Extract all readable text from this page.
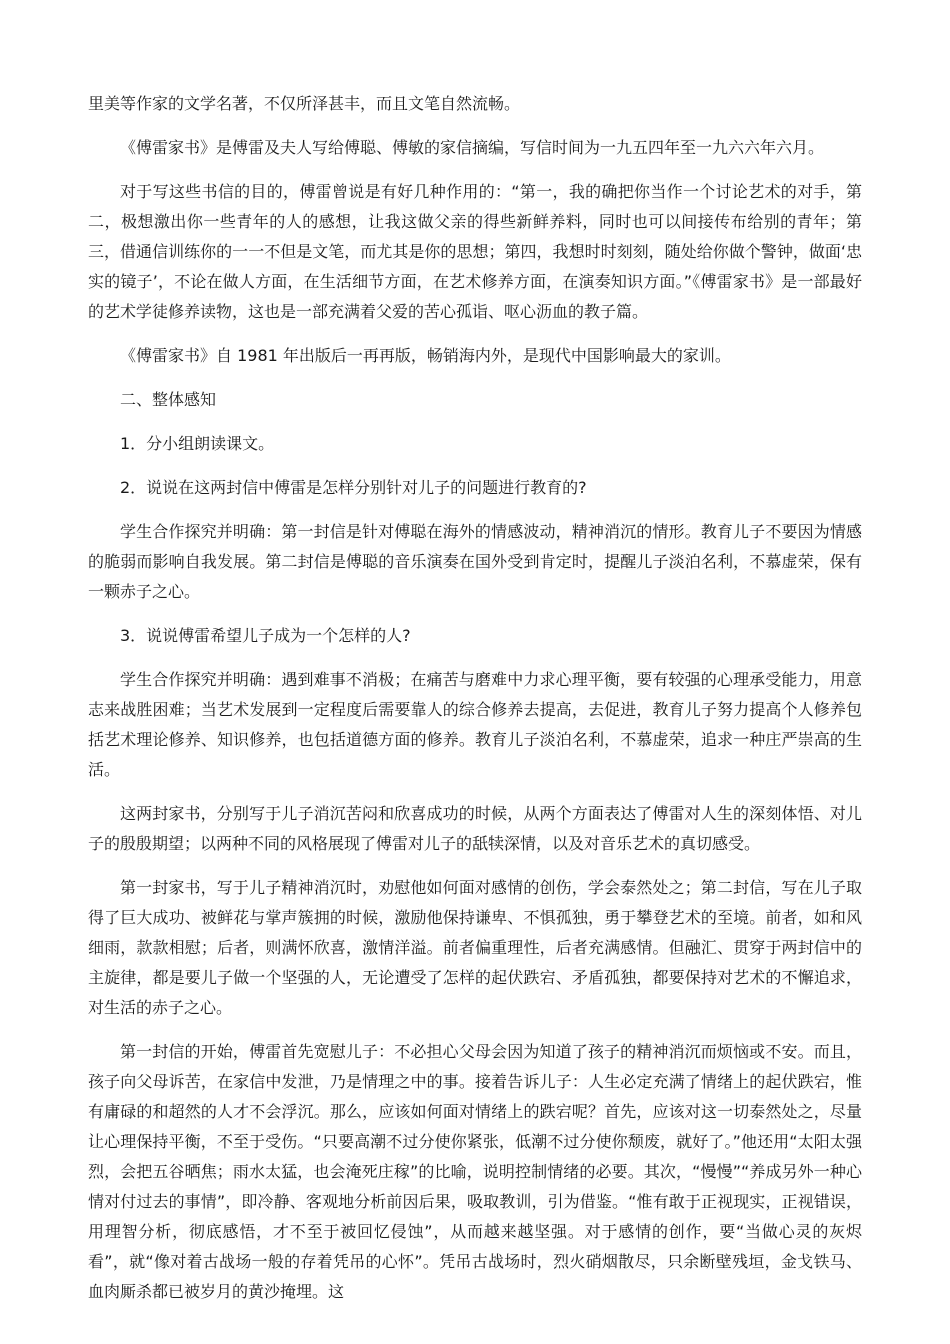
里美等作家的文学名著，不仅所泽甚丰，而且文笔自然流畅。

《傅雷家书》是傅雷及夫人写给傅聪、傅敏的家信摘编，写信时间为一九五四年至一九六六年六月。

对于写这些书信的目的，傅雷曾说是有好几种作用的：“第一，我的确把你当作一个讨论艺术的对手，第二，极想激出你一些青年的人的感想，让我这做父亲的得些新鲜养料，同时也可以间接传布给别的青年；第三，借通信训练你的一一不但是文笔，而尤其是你的思想；第四，我想时时刻刻，随处给你做个警钟，做面‘忠实的镜子’，不论在做人方面，在生活细节方面，在艺术修养方面，在演奏知识方面。”《傅雷家书》是一部最好的艺术学徒修养读物，这也是一部充满着父爱的苦心孤诣、呕心沥血的教子篇。

《傅雷家书》自 1981 年出版后一再再版，畅销海内外，是现代中国影响最大的家训。

二、整体感知

1．分小组朗读课文。

2．说说在这两封信中傅雷是怎样分别针对儿子的问题进行教育的?

学生合作探究并明确：第一封信是针对傅聪在海外的情感波动，精神消沉的情形。教育儿子不要因为情感的脆弱而影响自我发展。第二封信是傅聪的音乐演奏在国外受到肯定时，提醒儿子淡泊名利，不慕虚荣，保有一颗赤子之心。

3．说说傅雷希望儿子成为一个怎样的人?

学生合作探究并明确：遇到难事不消极；在痛苦与磨难中力求心理平衡，要有较强的心理承受能力，用意志来战胜困难；当艺术发展到一定程度后需要靠人的综合修养去提高，去促进，教育儿子努力提高个人修养包括艺术理论修养、知识修养，也包括道德方面的修养。教育儿子淡泊名利，不慕虚荣，追求一种庄严崇高的生活。

这两封家书，分别写于儿子消沉苦闷和欣喜成功的时候，从两个方面表达了傅雷对人生的深刻体悟、对儿子的殷殷期望；以两种不同的风格展现了傅雷对儿子的舐犊深情，以及对音乐艺术的真切感受。

第一封家书，写于儿子精神消沉时，劝慰他如何面对感情的创伤，学会泰然处之；第二封信，写在儿子取得了巨大成功、被鲜花与掌声簇拥的时候，激励他保持谦卑、不惧孤独，勇于攀登艺术的至境。前者，如和风细雨，款款相慰；后者，则满怀欣喜，激情洋溢。前者偏重理性，后者充满感情。但融汇、贯穿于两封信中的主旋律，都是要儿子做一个坚强的人，无论遭受了怎样的起伏跌宕、矛盾孤独，都要保持对艺术的不懈追求，对生活的赤子之心。

第一封信的开始，傅雷首先宽慰儿子：不必担心父母会因为知道了孩子的精神消沉而烦恼或不安。而且，孩子向父母诉苦，在家信中发泄，乃是情理之中的事。接着告诉儿子：人生必定充满了情绪上的起伏跌宕，惟有庸碌的和超然的人才不会浮沉。那么，应该如何面对情绪上的跌宕呢？首先，应该对这一切泰然处之，尽量让心理保持平衡，不至于受伤。“只要高潮不过分使你紧张，低潮不过分使你颓废，就好了。”他还用“太阳太强烈，会把五谷晒焦；雨水太猛，也会淹死庄稼”的比喻，说明控制情绪的必要。其次，“慢慢”“养成另外一种心情对付过去的事情”，即冷静、客观地分析前因后果，吸取教训，引为借鉴。“惟有敢于正视现实，正视错误，用理智分析，彻底感悟，才不至于被回忆侵蚀”，从而越来越坚强。对于感情的创作，要“当做心灵的灰烬看”，就“像对着古战场一般的存着凭吊的心怀”。凭吊古战场时，烈火硝烟散尽，只余断壁残垣，金戈铁马、血肉厮杀都已被岁月的黄沙掩埋。这
